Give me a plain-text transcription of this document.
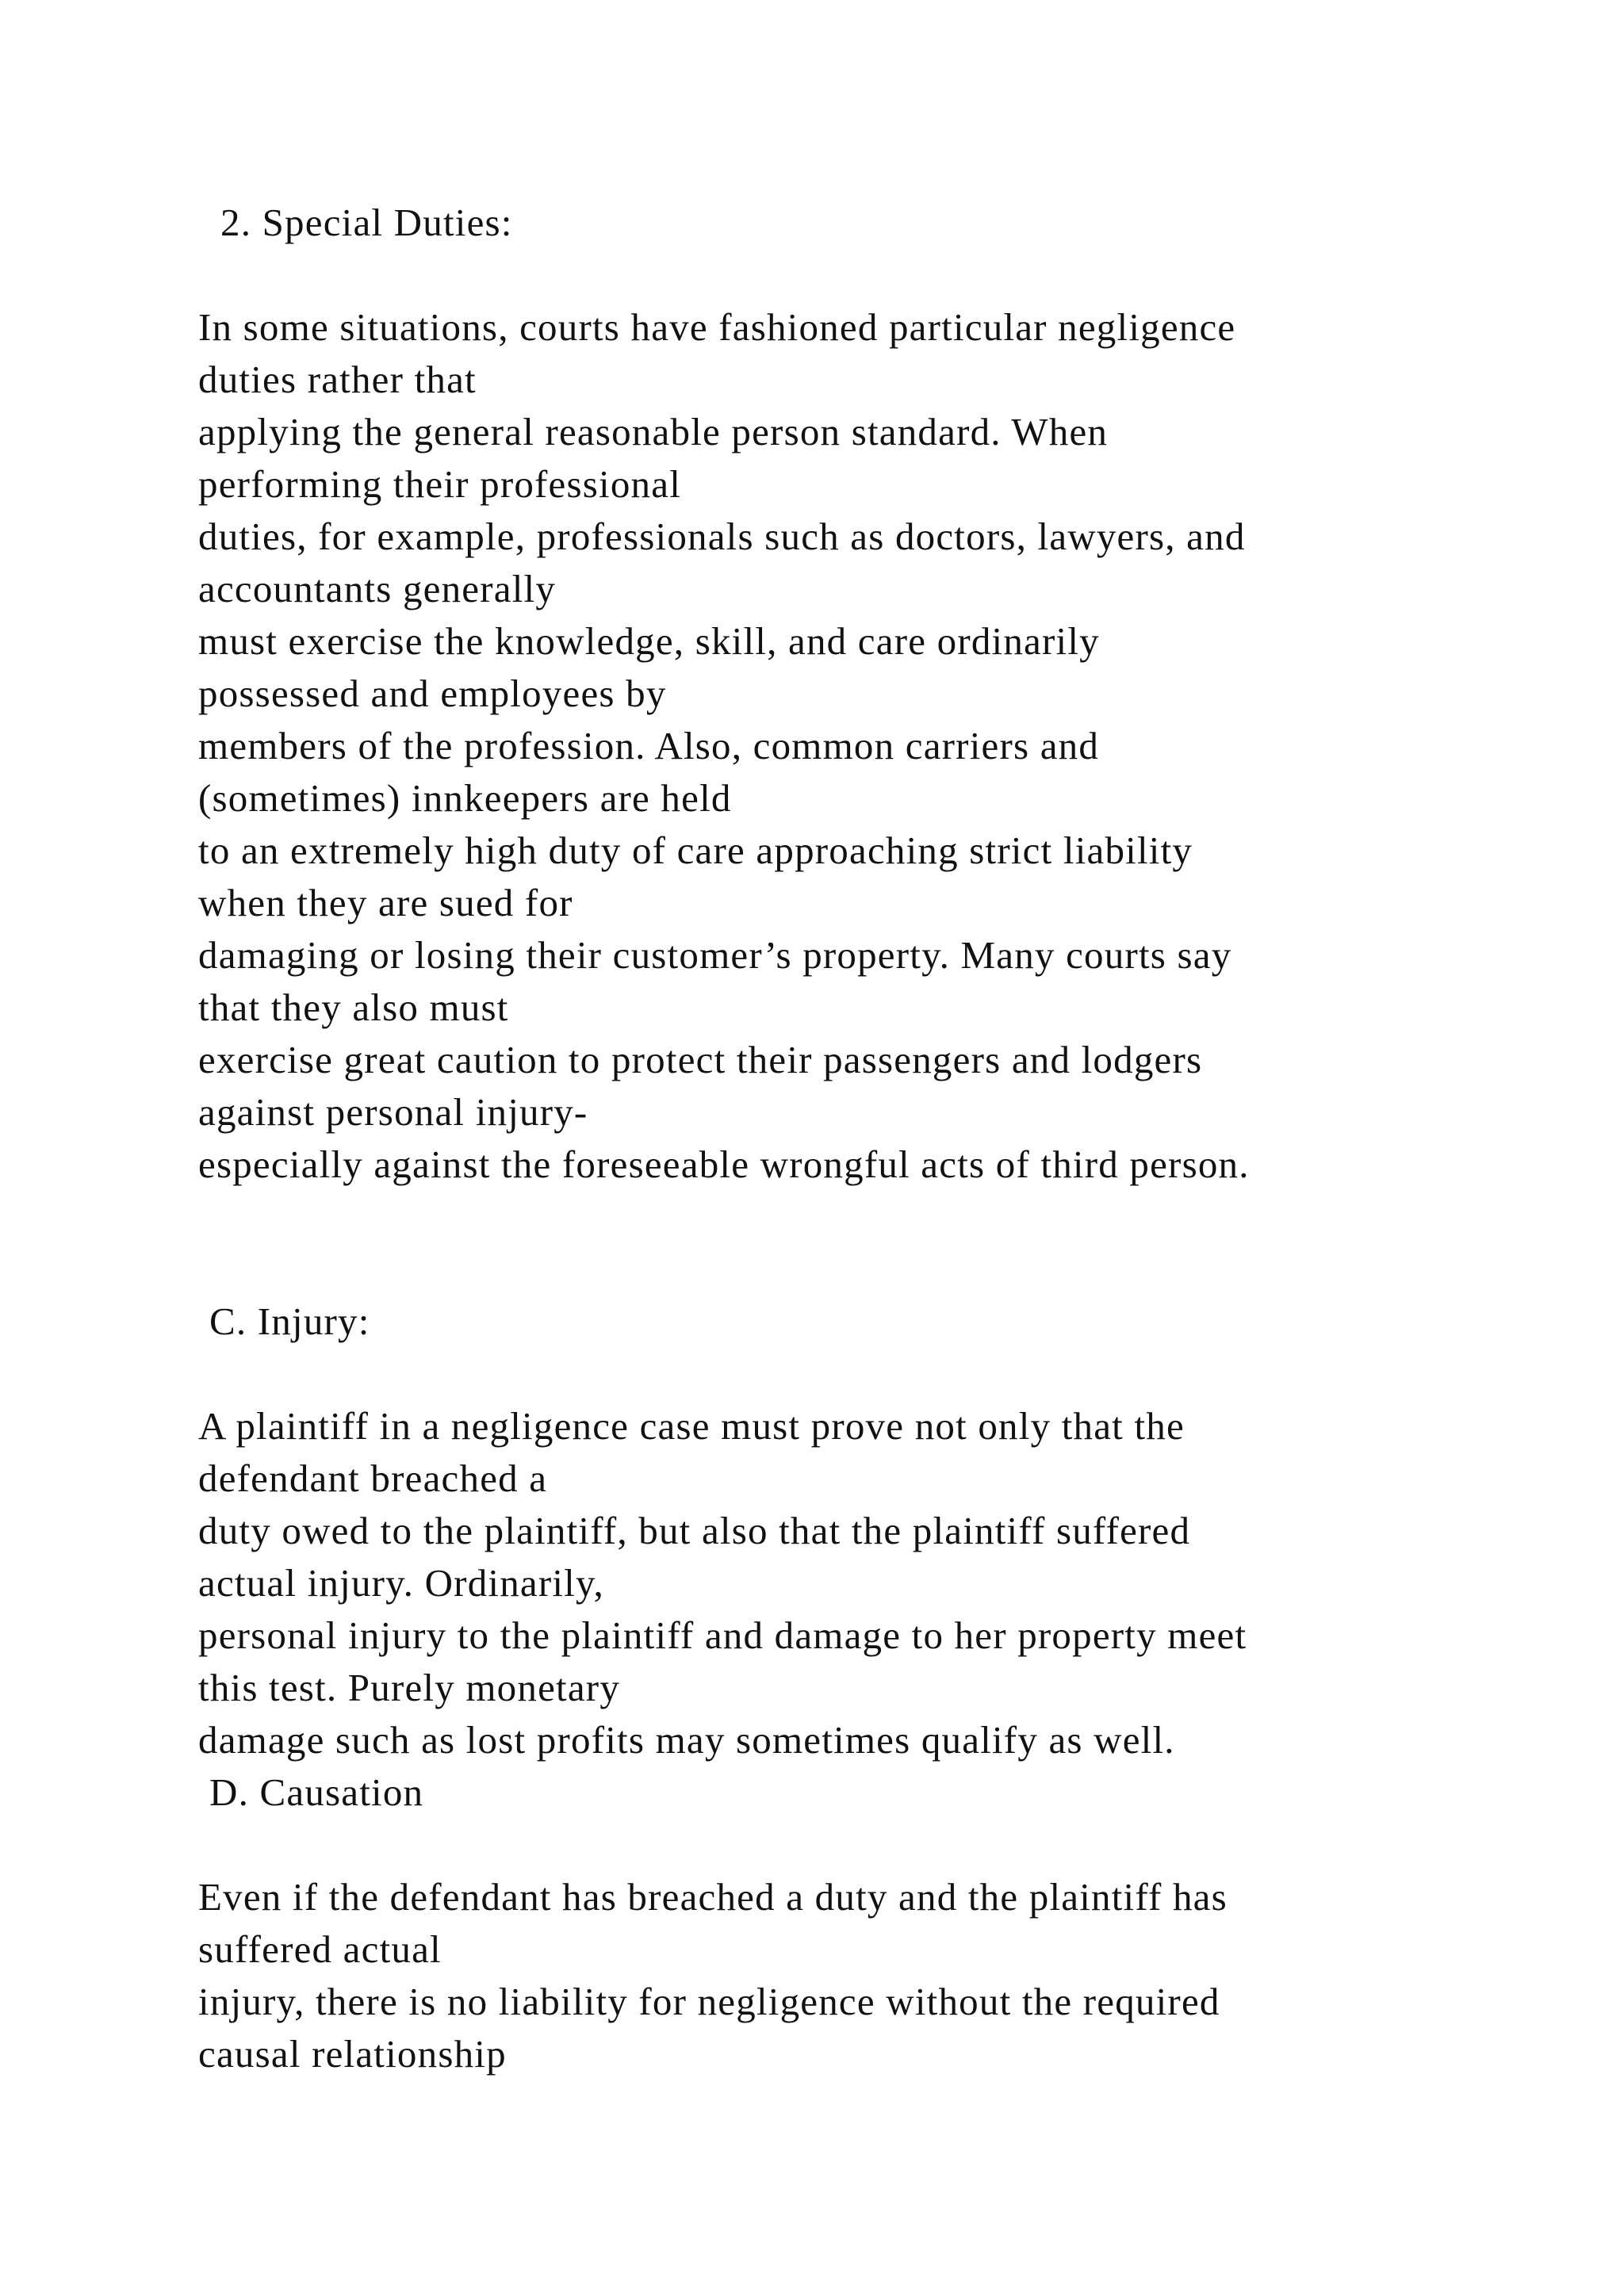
2. Special Duties:
In some situations, courts have fashioned particular negligence
duties rather that
applying the general reasonable person standard. When
performing their professional
duties, for example, professionals such as doctors, lawyers, and
accountants generally
must exercise the knowledge, skill, and care ordinarily
possessed and employees by
members of the profession. Also, common carriers and
(sometimes) innkeepers are held
to an extremely high duty of care approaching strict liability
when they are sued for
damaging or losing their customer’s property. Many courts say
that they also must
exercise great caution to protect their passengers and lodgers
against personal injury-
especially against the foreseeable wrongful acts of third person.
C. Injury:
A plaintiff in a negligence case must prove not only that the
defendant breached a
duty owed to the plaintiff, but also that the plaintiff suffered
actual injury. Ordinarily,
personal injury to the plaintiff and damage to her property meet
this test. Purely monetary
damage such as lost profits may sometimes qualify as well.
D. Causation
Even if the defendant has breached a duty and the plaintiff has
suffered actual
injury, there is no liability for negligence without the required
causal relationship
